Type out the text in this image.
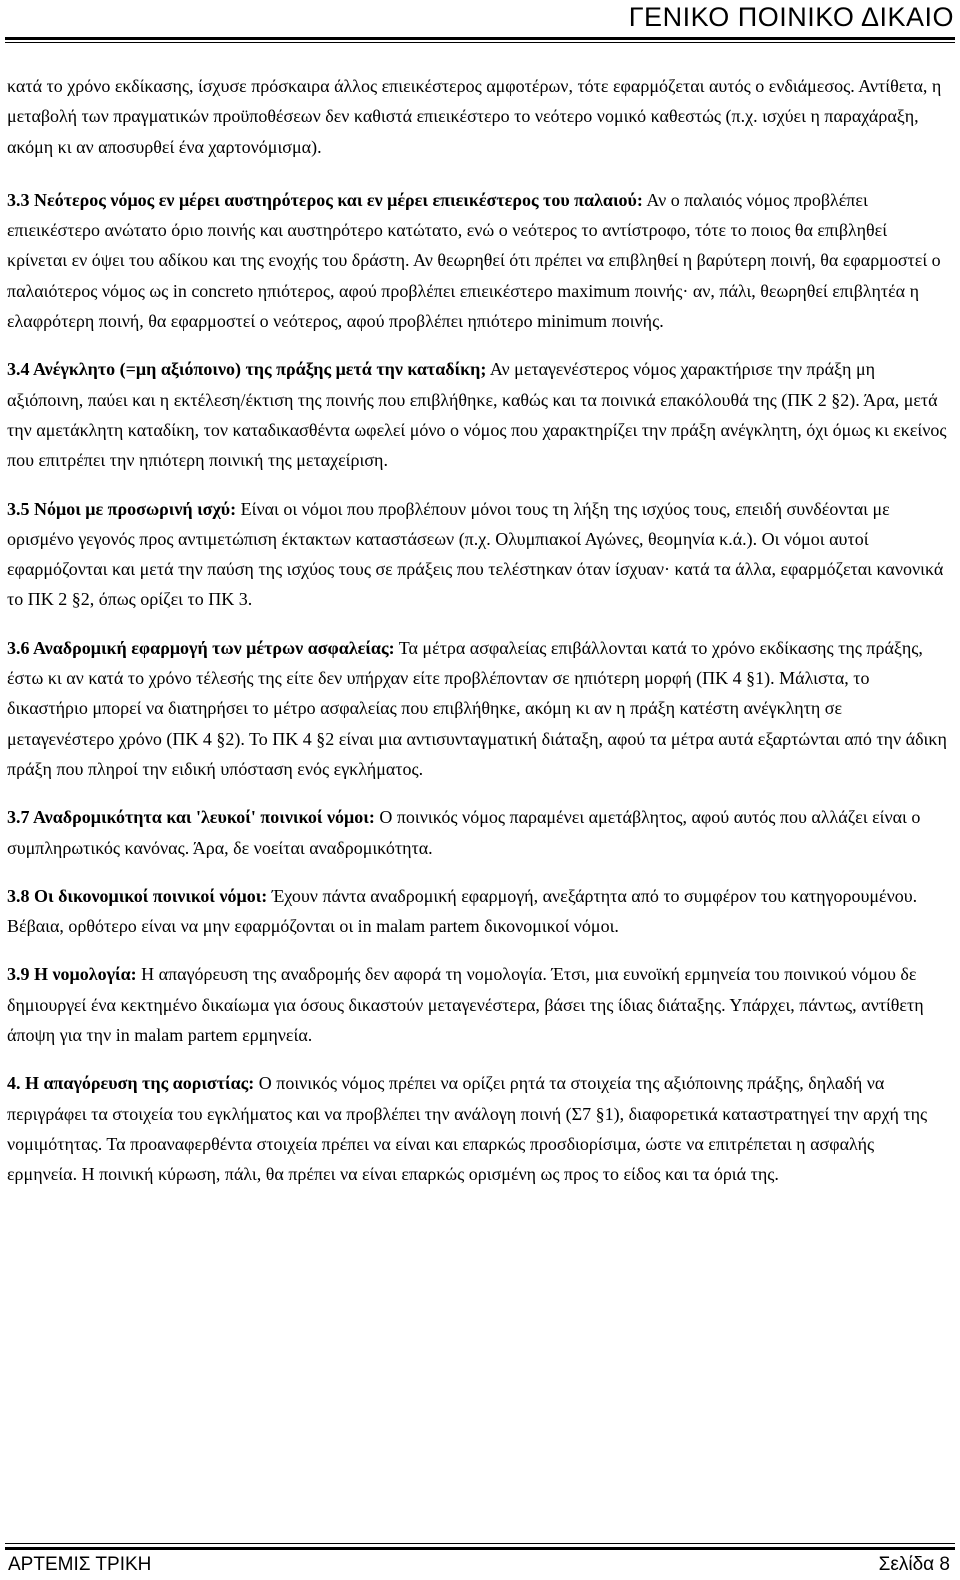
ΓΕΝΙΚΟ ΠΟΙΝΙΚΟ ΔΙΚΑΙΟ

κατά το χρόνο εκδίκασης, ίσχυσε πρόσκαιρα άλλος επιεικέστερος αμφοτέρων, τότε εφαρμόζεται αυτός ο ενδιάμεσος. Αντίθετα, η μεταβολή των πραγματικών προϋποθέσεων δεν καθιστά επιεικέστερο το νεότερο νομικό καθεστώς (π.χ. ισχύει η παραχάραξη, ακόμη κι αν αποσυρθεί ένα χαρτονόμισμα).

3.3 Νεότερος νόμος εν μέρει αυστηρότερος και εν μέρει επιεικέστερος του παλαιού: Αν ο παλαιός νόμος προβλέπει επιεικέστερο ανώτατο όριο ποινής και αυστηρότερο κατώτατο, ενώ ο νεότερος το αντίστροφο, τότε το ποιος θα επιβληθεί κρίνεται εν όψει του αδίκου και της ενοχής του δράστη. Αν θεωρηθεί ότι πρέπει να επιβληθεί η βαρύτερη ποινή, θα εφαρμοστεί ο παλαιότερος νόμος ως in concreto ηπιότερος, αφού προβλέπει επιεικέστερο maximum ποινής· αν, πάλι, θεωρηθεί επιβλητέα η ελαφρότερη ποινή, θα εφαρμοστεί ο νεότερος, αφού προβλέπει ηπιότερο minimum ποινής.

3.4 Ανέγκλητο (=μη αξιόποινο) της πράξης μετά την καταδίκη; Αν μεταγενέστερος νόμος χαρακτήρισε την πράξη μη αξιόποινη, παύει και η εκτέλεση/έκτιση της ποινής που επιβλήθηκε, καθώς και τα ποινικά επακόλουθά της (ΠΚ 2 §2). Άρα, μετά την αμετάκλητη καταδίκη, τον καταδικασθέντα ωφελεί μόνο ο νόμος που χαρακτηρίζει την πράξη ανέγκλητη, όχι όμως κι εκείνος που επιτρέπει την ηπιότερη ποινική της μεταχείριση.

3.5 Νόμοι με προσωρινή ισχύ: Είναι οι νόμοι που προβλέπουν μόνοι τους τη λήξη της ισχύος τους, επειδή συνδέονται με ορισμένο γεγονός προς αντιμετώπιση έκτακτων καταστάσεων (π.χ. Ολυμπιακοί Αγώνες, θεομηνία κ.ά.). Οι νόμοι αυτοί εφαρμόζονται και μετά την παύση της ισχύος τους σε πράξεις που τελέστηκαν όταν ίσχυαν· κατά τα άλλα, εφαρμόζεται κανονικά το ΠΚ 2 §2, όπως ορίζει το ΠΚ 3.

3.6 Αναδρομική εφαρμογή των μέτρων ασφαλείας: Τα μέτρα ασφαλείας επιβάλλονται κατά το χρόνο εκδίκασης της πράξης, έστω κι αν κατά το χρόνο τέλεσής της είτε δεν υπήρχαν είτε προβλέπονταν σε ηπιότερη μορφή (ΠΚ 4 §1). Μάλιστα, το δικαστήριο μπορεί να διατηρήσει το μέτρο ασφαλείας που επιβλήθηκε, ακόμη κι αν η πράξη κατέστη ανέγκλητη σε μεταγενέστερο χρόνο (ΠΚ 4 §2). Το ΠΚ 4 §2 είναι μια αντισυνταγματική διάταξη, αφού τα μέτρα αυτά εξαρτώνται από την άδικη πράξη που πληροί την ειδική υπόσταση ενός εγκλήματος.

3.7 Αναδρομικότητα και 'λευκοί' ποινικοί νόμοι: Ο ποινικός νόμος παραμένει αμετάβλητος, αφού αυτός που αλλάζει είναι ο συμπληρωτικός κανόνας. Άρα, δε νοείται αναδρομικότητα.

3.8 Οι δικονομικοί ποινικοί νόμοι: Έχουν πάντα αναδρομική εφαρμογή, ανεξάρτητα από το συμφέρον του κατηγορουμένου. Βέβαια, ορθότερο είναι να μην εφαρμόζονται οι in malam partem δικονομικοί νόμοι.

3.9 Η νομολογία: Η απαγόρευση της αναδρομής δεν αφορά τη νομολογία. Έτσι, μια ευνοϊκή ερμηνεία του ποινικού νόμου δε δημιουργεί ένα κεκτημένο δικαίωμα για όσους δικαστούν μεταγενέστερα, βάσει της ίδιας διάταξης. Υπάρχει, πάντως, αντίθετη άποψη για την in malam partem ερμηνεία.

4. Η απαγόρευση της αοριστίας: Ο ποινικός νόμος πρέπει να ορίζει ρητά τα στοιχεία της αξιόποινης πράξης, δηλαδή να περιγράφει τα στοιχεία του εγκλήματος και να προβλέπει την ανάλογη ποινή (Σ7 §1), διαφορετικά καταστρατηγεί την αρχή της νομιμότητας. Τα προαναφερθέντα στοιχεία πρέπει να είναι και επαρκώς προσδιορίσιμα, ώστε να επιτρέπεται η ασφαλής ερμηνεία. Η ποινική κύρωση, πάλι, θα πρέπει να είναι επαρκώς ορισμένη ως προς το είδος και τα όριά της.

ΑΡΤΕΜΙΣ ΤΡΙΚΗ	Σελίδα 8
